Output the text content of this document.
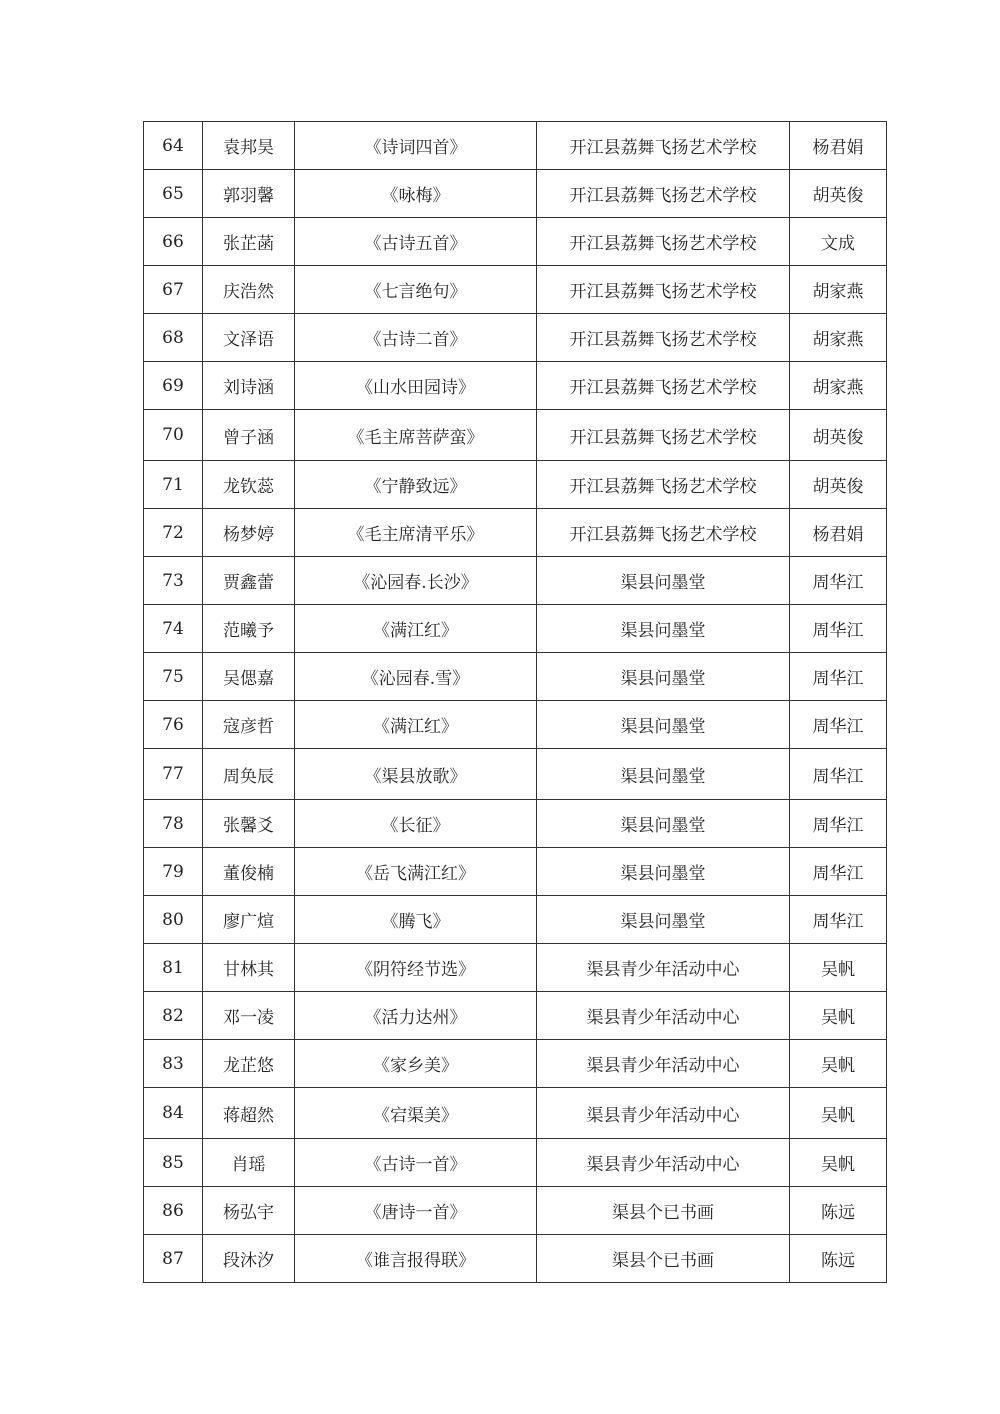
64	袁邦昊	《诗词四首》	开江县荔舞飞扬艺术学校	杨君娟
65	郭羽馨	《咏梅》	开江县荔舞飞扬艺术学校	胡英俊
66	张芷菡	《古诗五首》	开江县荔舞飞扬艺术学校	文成
67	庆浩然	《七言绝句》	开江县荔舞飞扬艺术学校	胡家燕
68	文泽语	《古诗二首》	开江县荔舞飞扬艺术学校	胡家燕
69	刘诗涵	《山水田园诗》	开江县荔舞飞扬艺术学校	胡家燕
70	曾子涵	《毛主席菩萨蛮》	开江县荔舞飞扬艺术学校	胡英俊
71	龙钦蕊	《宁静致远》	开江县荔舞飞扬艺术学校	胡英俊
72	杨梦婷	《毛主席清平乐》	开江县荔舞飞扬艺术学校	杨君娟
73	贾鑫蕾	《沁园春.长沙》	渠县问墨堂	周华江
74	范曦予	《满江红》	渠县问墨堂	周华江
75	吴偲嘉	《沁园春.雪》	渠县问墨堂	周华江
76	寇彦哲	《满江红》	渠县问墨堂	周华江
77	周奂辰	《渠县放歌》	渠县问墨堂	周华江
78	张馨爻	《长征》	渠县问墨堂	周华江
79	董俊楠	《岳飞满江红》	渠县问墨堂	周华江
80	廖广煊	《腾飞》	渠县问墨堂	周华江
81	甘林其	《阴符经节选》	渠县青少年活动中心	吴帆
82	邓一凌	《活力达州》	渠县青少年活动中心	吴帆
83	龙芷悠	《家乡美》	渠县青少年活动中心	吴帆
84	蒋超然	《宕渠美》	渠县青少年活动中心	吴帆
85	肖瑶	《古诗一首》	渠县青少年活动中心	吴帆
86	杨弘宇	《唐诗一首》	渠县个已书画	陈远
87	段沐汐	《谁言报得联》	渠县个已书画	陈远
